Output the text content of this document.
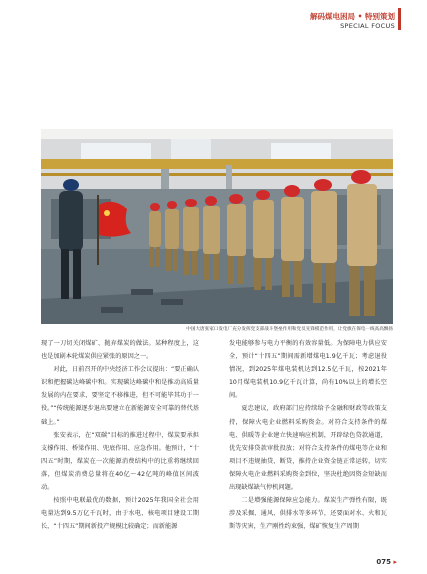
解码煤电困局 • 特别策划
SPECIAL FOCUS
中国大唐张家口发电厂充分发挥党支部战斗堡垒作用和党员先锋模范作用，让党旗在保电一线高高飘扬

现了一刀切关闭煤矿、抛弃煤炭的做法。某种程度上，这也是加剧本轮煤炭供应紧张的原因之一。

对此，日前召开的中央经济工作会议提出：“要正确认识和把握碳达峰碳中和。实现碳达峰碳中和是推动高质量发展的内在要求，要坚定不移推进，但不可能毕其功于一役。”“传统能源逐步退出要建立在新能源安全可靠的替代基础上。”

张安表示，在“双碳”目标的推进过程中，煤炭要承担支撑作用、桥梁作用、兜底作用、应急作用。他预计，“十四五”时期，煤炭在一次能源消费结构中的比重将继续回落，但煤炭消费总量将在40亿～42亿吨的峰值区间波动。

按照中电联最优的数据，预计2025年我国全社会用电量达到9.5万亿千瓦时，由于水电、核电项目建设工期长，“十四五”期间新投产规模比较确定；而新能源

发电能够参与电力平衡的有效容量低。为保障电力供应安全，预计“十四五”期间需新增煤电1.9亿千瓦；考虑退役情况，到2025年煤电装机达到12.5亿千瓦，按2021年10月煤电装机10.9亿千瓦计算，尚有10%以上的增长空间。

夏忠建议，政府部门应持续给予金融和财政等政策支持，保障火电企业燃料采购资金。对符合支持条件的煤电、供暖等企业建立快速响应机制，开辟绿色贷款通道，优先安排贷款审批投放；对符合支持条件的煤电等企业和项目不违规抽贷、断贷，推持企业资金链正常运转，切实保障火电企业燃料采购资金到位，坚决杜绝因资金短缺而出现缺煤缺气停机问题。

二是增强能源保障应急能力。煤炭生产弹性有限，既涉及采掘、通风、供排水等多环节，还要面对水、火和瓦斯等灾害，生产刚性约束强，煤矿恢复生产周期

075 ▸
